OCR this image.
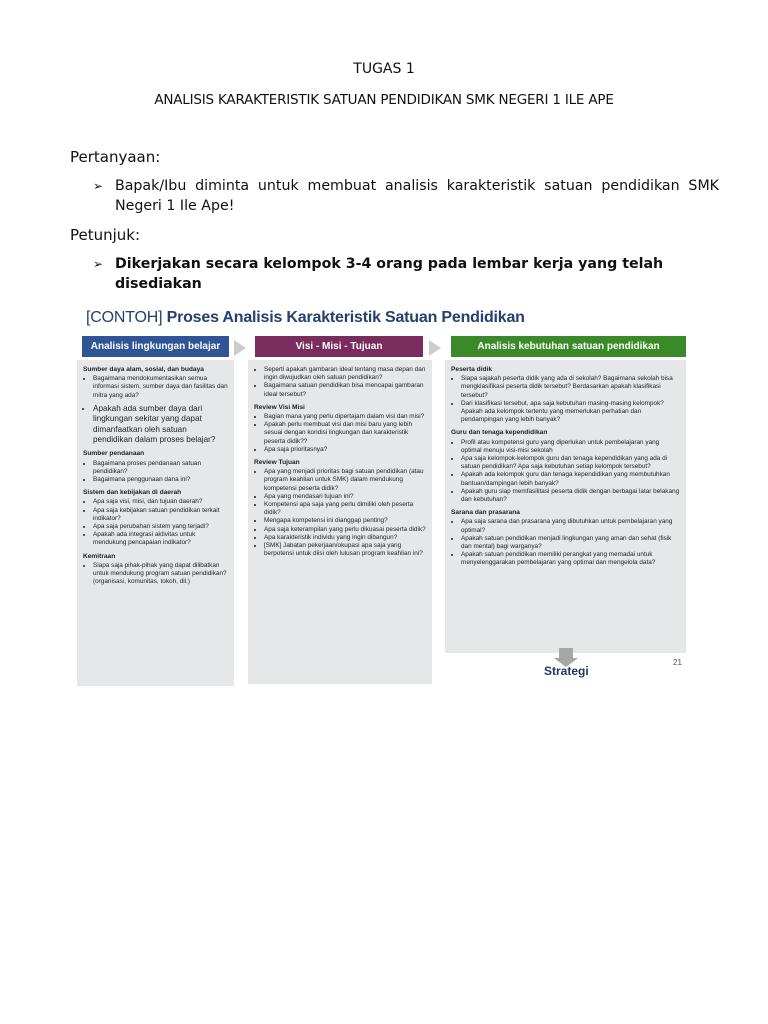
TUGAS 1
ANALISIS KARAKTERISTIK SATUAN PENDIDIKAN SMK NEGERI 1 ILE APE
Pertanyaan:
➢ Bapak/Ibu diminta untuk membuat analisis karakteristik satuan pendidikan SMK Negeri 1 Ile Ape!
Petunjuk:
➢ Dikerjakan secara kelompok 3-4 orang pada lembar kerja yang telah disediakan
[CONTOH] Proses Analisis Karakteristik Satuan Pendidikan
Analisis lingkungan belajar	Visi - Misi - Tujuan	Analisis kebutuhan satuan pendidikan
Sumber daya alam, sosial, dan budaya
• Bagaimana mendokumentasikan semua informasi sistem, sumber daya dan fasilitas dan mitra yang ada?
• Apakah ada sumber daya dari lingkungan sekitar yang dapat dimanfaatkan oleh satuan pendidikan dalam proses belajar?
Sumber pendanaan
• Bagaimana proses pendanaan satuan pendidikan?
• Bagaimana penggunaan dana ini?
Sistem dan kebijakan di daerah
• Apa saja visi, misi, dan tujuan daerah?
• Apa saja kebijakan satuan pendidikan terkait indikator?
• Apa saja perubahan sistem yang terjadi?
• Apakah ada integrasi aktivitas untuk mendukung pencapaian indikator?
Kemitraan
• Siapa saja pihak-pihak yang dapat dilibatkan untuk mendukung program satuan pendidikan? (organisasi, komunitas, tokoh, dll.)
• Seperti apakah gambaran ideal tentang masa depan dan ingin diwujudkan oleh satuan pendidikan?
• Bagaimana satuan pendidikan bisa mencapai gambaran ideal tersebut?
Review Visi Misi
• Bagian mana yang perlu dipertajam dalam visi dan misi?
• Apakah perlu membuat visi dan misi baru yang lebih sesuai dengan kondisi lingkungan dan karakteristik peserta didik??
• Apa saja prioritasnya?
Review Tujuan
• Apa yang menjadi prioritas bagi satuan pendidikan (atau program keahlian untuk SMK) dalam mendukung kompetensi peserta didik?
• Apa yang mendasari tujuan ini?
• Kompetensi apa saja yang perlu dimiliki oleh peserta didik?
• Mengapa kompetensi ini dianggap penting?
• Apa saja keterampilan yang perlu dikuasai peserta didik?
• Apa karakteristik individu yang ingin dibangun?
• [SMK] Jabatan pekerjaan/okupasi apa saja yang berpotensi untuk diisi oleh lulusan program keahlian ini?
Peserta didik
• Siapa sajakah peserta didik yang ada di sekolah? Bagaimana sekolah bisa mengklasifikasi peserta didik tersebut? Berdasarkan apakah klasifikasi tersebut?
• Dari klasifikasi tersebut, apa saja kebutuhan masing-masing kelompok? Apakah ada kelompok tertentu yang memerlukan perhatian dan pendampingan yang lebih banyak?
Guru dan tenaga kependidikan
• Profil atau kompetensi guru yang diperlukan untuk pembelajaran yang optimal menuju visi-misi sekolah
• Apa saja kelompok-kelompok guru dan tenaga kependidikan yang ada di satuan pendidikan? Apa saja kebutuhan setiap kelompok tersebut?
• Apakah ada kelompok guru dan tenaga kependidikan yang membutuhkan bantuan/dampingan lebih banyak?
• Apakah guru siap memfasilitasi peserta didik dengan berbagai latar belakang dan kebutuhan?
Sarana dan prasarana
• Apa saja sarana dan prasarana yang dibutuhkan untuk pembelajaran yang optimal?
• Apakah satuan pendidikan menjadi lingkungan yang aman dan sehat (fisik dan mental) bagi warganya?
• Apakah satuan pendidikan memiliki perangkat yang memadai untuk menyelenggarakan pembelajaran yang optimal dan mengelola data?
Strategi
21
